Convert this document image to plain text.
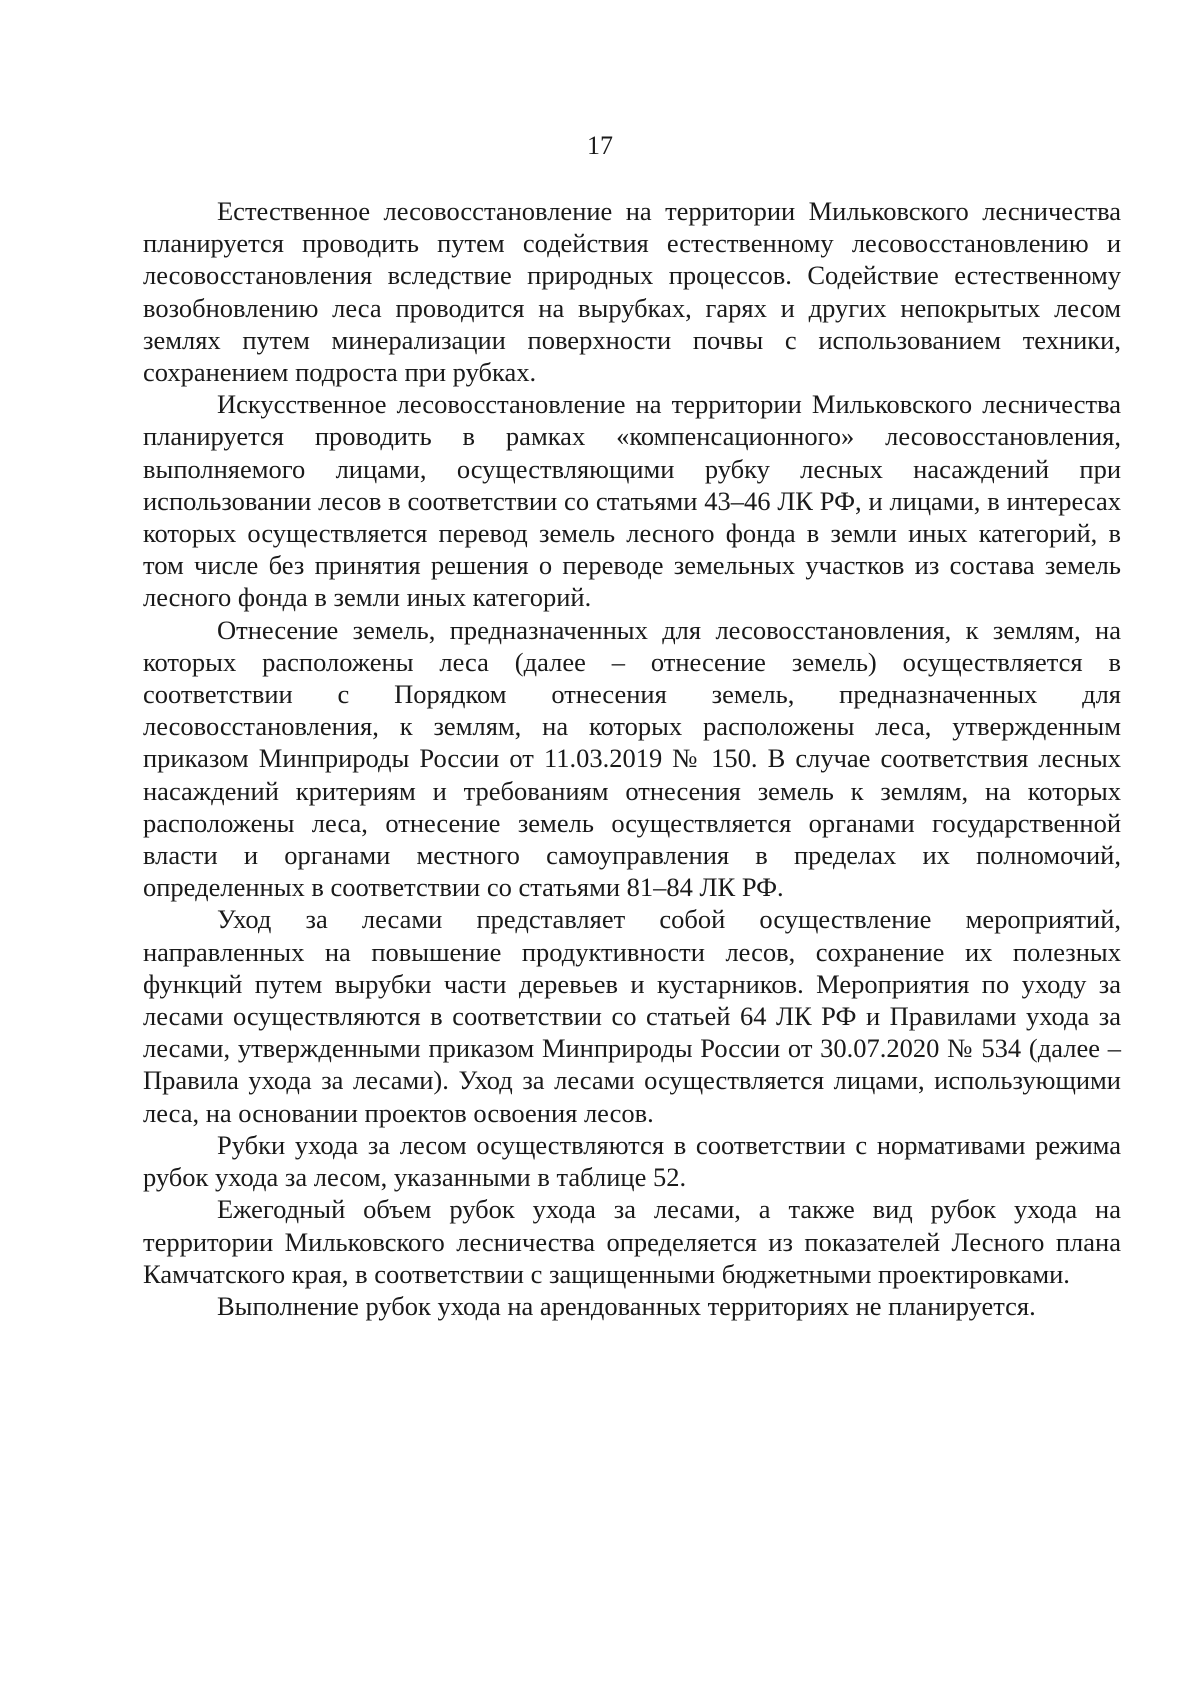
17

Естественное лесовосстановление на территории Мильковского лесничества планируется проводить путем содействия естественному лесовосстановлению и лесовосстановления вследствие природных процессов. Содействие естественному возобновлению леса проводится на вырубках, гарях и других непокрытых лесом землях путем минерализации поверхности почвы с использованием техники, сохранением подроста при рубках.

Искусственное лесовосстановление на территории Мильковского лесничества планируется проводить в рамках «компенсационного» лесовосстановления, выполняемого лицами, осуществляющими рубку лесных насаждений при использовании лесов в соответствии со статьями 43–46 ЛК РФ, и лицами, в интересах которых осуществляется перевод земель лесного фонда в земли иных категорий, в том числе без принятия решения о переводе земельных участков из состава земель лесного фонда в земли иных категорий.

Отнесение земель, предназначенных для лесовосстановления, к землям, на которых расположены леса (далее – отнесение земель) осуществляется в соответствии с Порядком отнесения земель, предназначенных для лесовосстановления, к землям, на которых расположены леса, утвержденным приказом Минприроды России от 11.03.2019 № 150. В случае соответствия лесных насаждений критериям и требованиям отнесения земель к землям, на которых расположены леса, отнесение земель осуществляется органами государственной власти и органами местного самоуправления в пределах их полномочий, определенных в соответствии со статьями 81–84 ЛК РФ.

Уход за лесами представляет собой осуществление мероприятий, направленных на повышение продуктивности лесов, сохранение их полезных функций путем вырубки части деревьев и кустарников. Мероприятия по уходу за лесами осуществляются в соответствии со статьей 64 ЛК РФ и Правилами ухода за лесами, утвержденными приказом Минприроды России от 30.07.2020 № 534 (далее – Правила ухода за лесами). Уход за лесами осуществляется лицами, использующими леса, на основании проектов освоения лесов.

Рубки ухода за лесом осуществляются в соответствии с нормативами режима рубок ухода за лесом, указанными в таблице 52.

Ежегодный объем рубок ухода за лесами, а также вид рубок ухода на территории Мильковского лесничества определяется из показателей Лесного плана Камчатского края, в соответствии с защищенными бюджетными проектировками.

Выполнение рубок ухода на арендованных территориях не планируется.
